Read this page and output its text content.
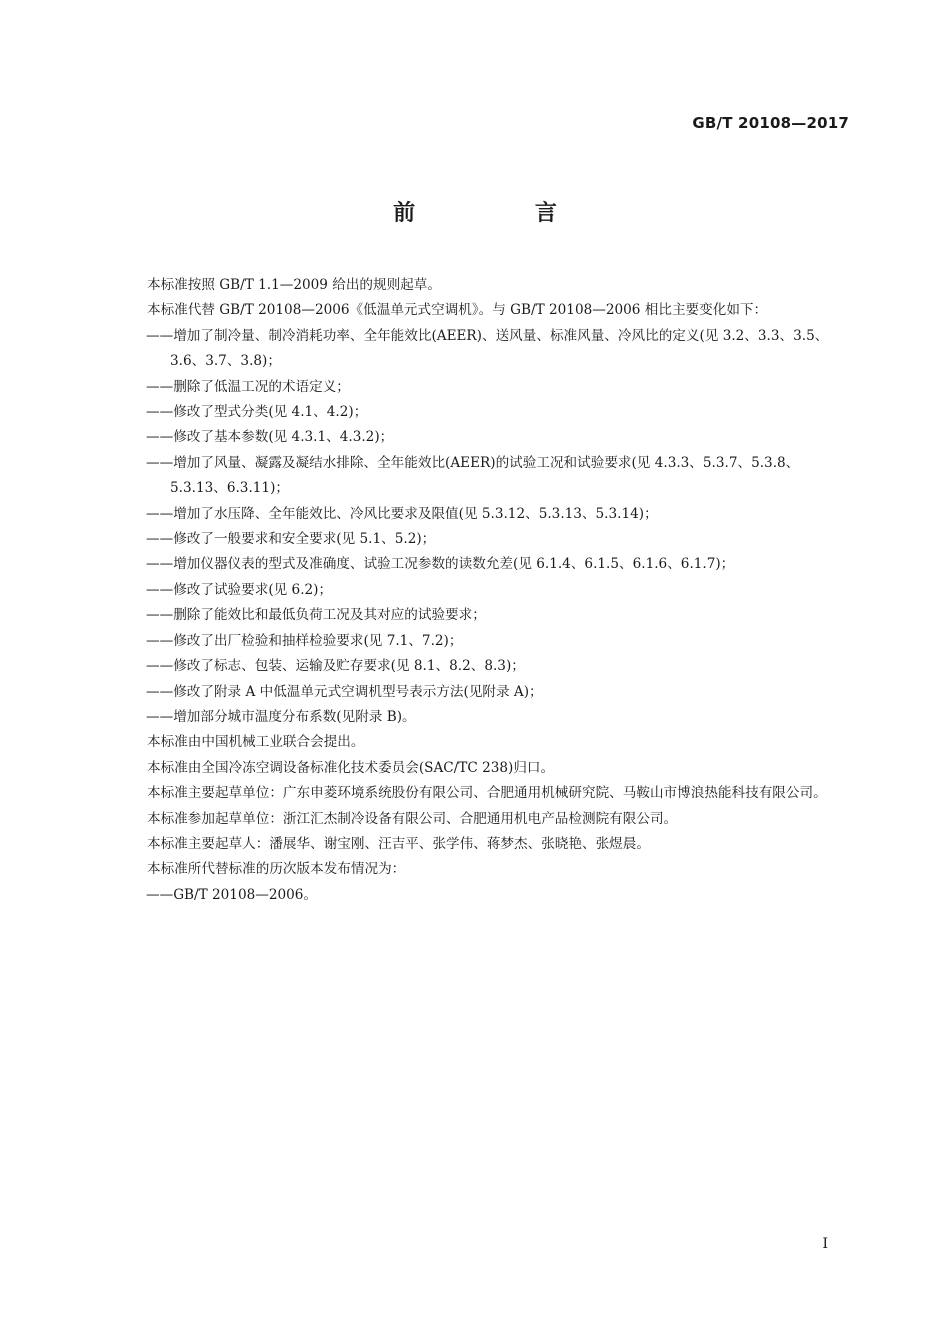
GB/T 20108—2017
前 言

本标准按照 GB/T 1.1—2009 给出的规则起草。

本标准代替 GB/T 20108—2006《低温单元式空调机》。与 GB/T 20108—2006 相比主要变化如下：

——增加了制冷量、制冷消耗功率、全年能效比(AEER)、送风量、标准风量、冷风比的定义(见 3.2、3.3、3.5、3.6、3.7、3.8)；

——删除了低温工况的术语定义；

——修改了型式分类(见 4.1、4.2)；

——修改了基本参数(见 4.3.1、4.3.2)；

——增加了风量、凝露及凝结水排除、全年能效比(AEER)的试验工况和试验要求(见 4.3.3、5.3.7、5.3.8、5.3.13、6.3.11)；

——增加了水压降、全年能效比、冷风比要求及限值(见 5.3.12、5.3.13、5.3.14)；

——修改了一般要求和安全要求(见 5.1、5.2)；

——增加仪器仪表的型式及准确度、试验工况参数的读数允差(见 6.1.4、6.1.5、6.1.6、6.1.7)；

——修改了试验要求(见 6.2)；

——删除了能效比和最低负荷工况及其对应的试验要求；

——修改了出厂检验和抽样检验要求(见 7.1、7.2)；

——修改了标志、包装、运输及贮存要求(见 8.1、8.2、8.3)；

——修改了附录 A 中低温单元式空调机型号表示方法(见附录 A)；

——增加部分城市温度分布系数(见附录 B)。

本标准由中国机械工业联合会提出。

本标准由全国冷冻空调设备标准化技术委员会(SAC/TC 238)归口。

本标准主要起草单位：广东申菱环境系统股份有限公司、合肥通用机械研究院、马鞍山市博浪热能科技有限公司。

本标准参加起草单位：浙江汇杰制冷设备有限公司、合肥通用机电产品检测院有限公司。

本标准主要起草人：潘展华、谢宝刚、汪吉平、张学伟、蒋梦杰、张晓艳、张煜晨。

本标准所代替标准的历次版本发布情况为：

——GB/T 20108—2006。

I
